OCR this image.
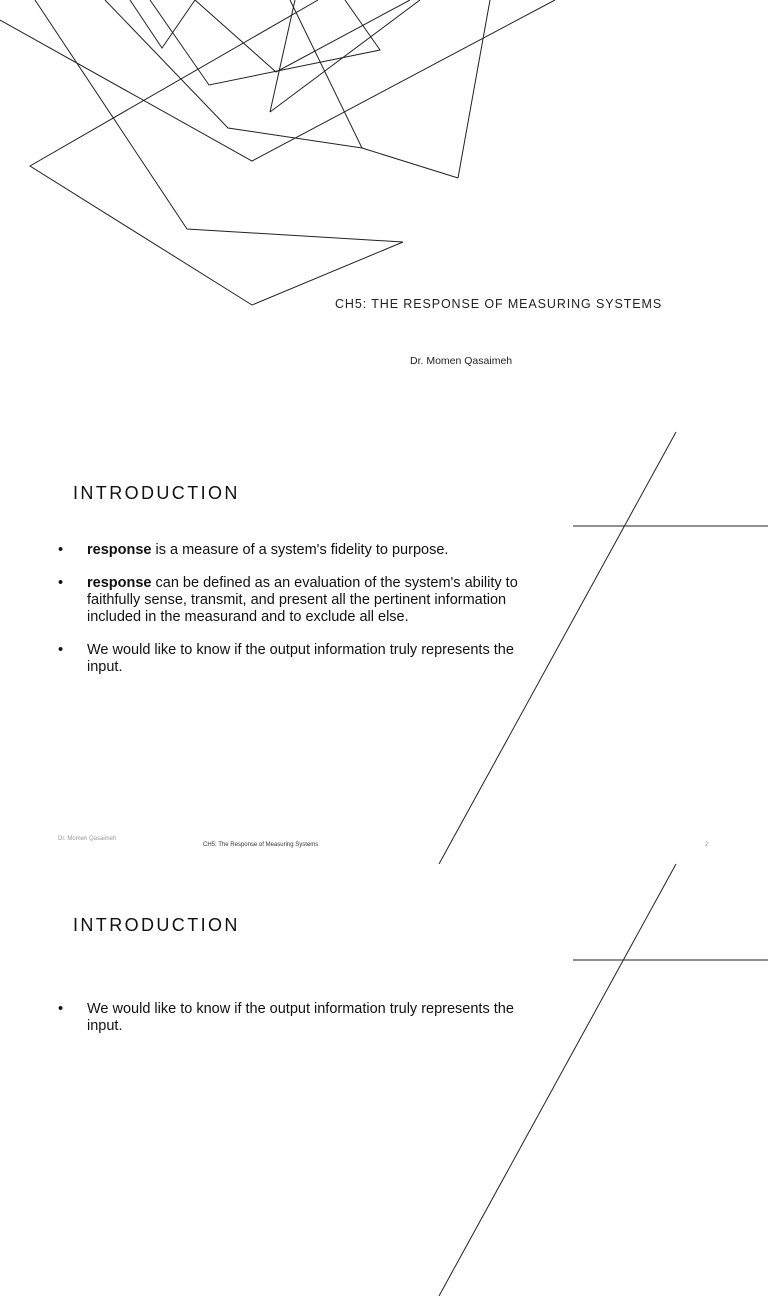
CH5: THE RESPONSE OF MEASURING SYSTEMS
Dr. Momen Qasaimeh
INTRODUCTION
• response is a measure of a system's fidelity to purpose.
• response can be defined as an evaluation of the system's ability to faithfully sense, transmit, and present all the pertinent information included in the measurand and to exclude all else.
• We would like to know if the output information truly represents the input.
Dr. Momen Qasaimeh
CH5: The Response of Measuring Systems	2
INTRODUCTION
• We would like to know if the output information truly represents the input.
